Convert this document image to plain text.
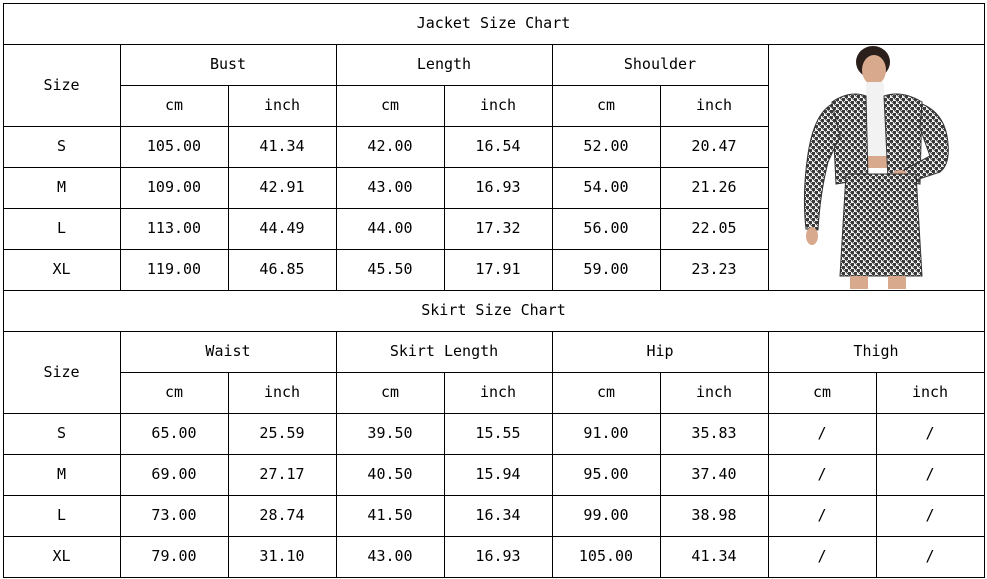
Jacket Size Chart
Size
Bust	Length	Shoulder
cm	inch	cm	inch	cm	inch
S	105.00	41.34	42.00	16.54	52.00	20.47
M	109.00	42.91	43.00	16.93	54.00	21.26
L	113.00	44.49	44.00	17.32	56.00	22.05
XL	119.00	46.85	45.50	17.91	59.00	23.23
Skirt Size Chart
Size
Waist	Skirt Length	Hip	Thigh
cm	inch	cm	inch	cm	inch	cm	inch
S	65.00	25.59	39.50	15.55	91.00	35.83	/	/
M	69.00	27.17	40.50	15.94	95.00	37.40	/	/
L	73.00	28.74	41.50	16.34	99.00	38.98	/	/
XL	79.00	31.10	43.00	16.93	105.00	41.34	/	/
